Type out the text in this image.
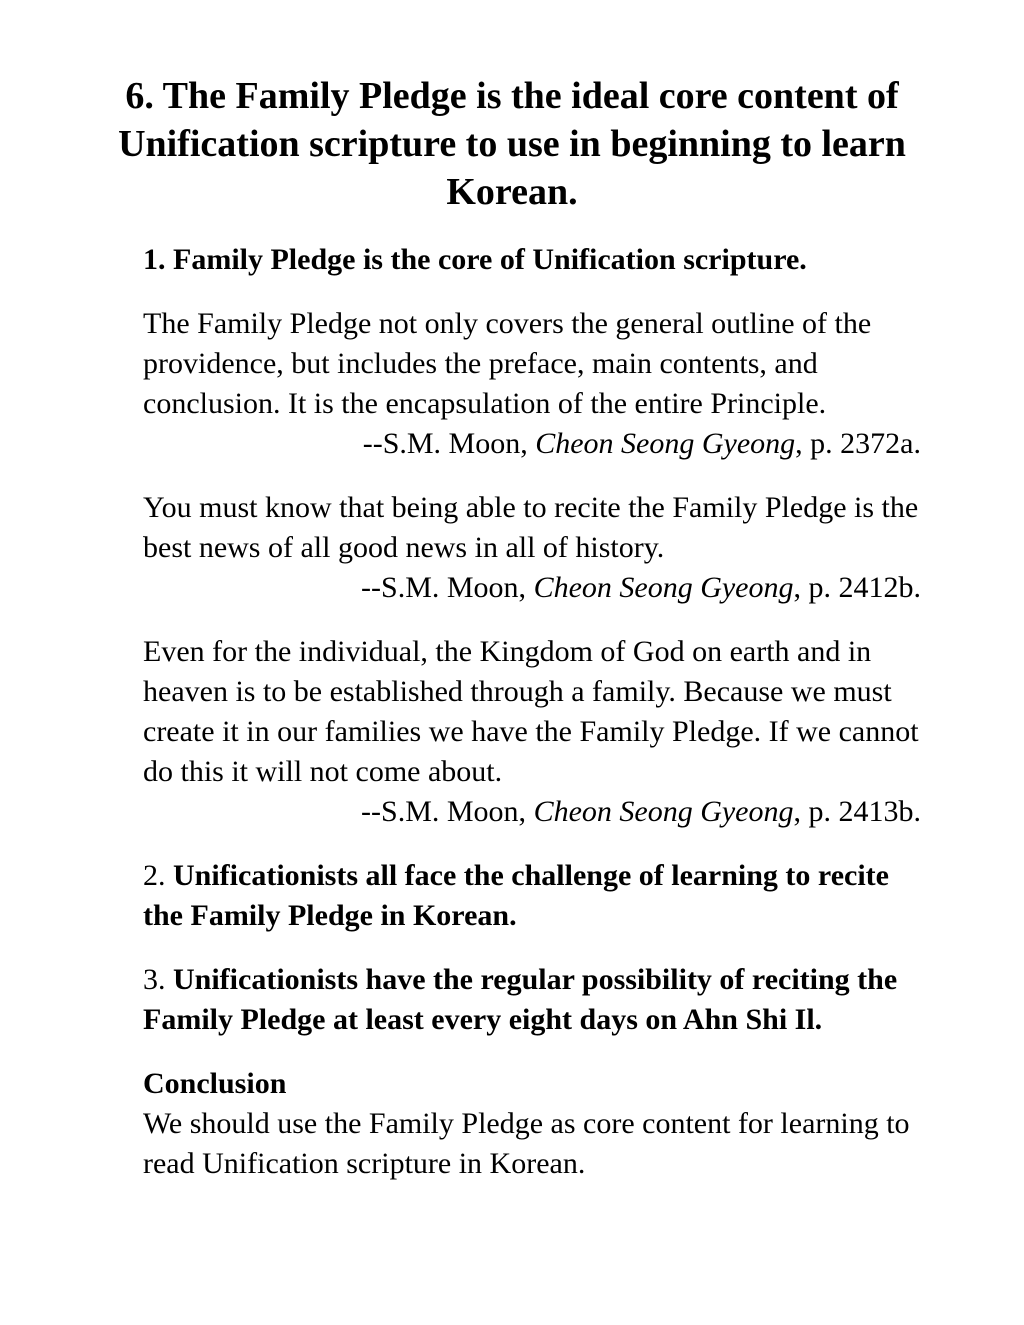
6. The Family Pledge is the ideal core content of Unification scripture to use in beginning to learn Korean.

1. Family Pledge is the core of Unification scripture.

The Family Pledge not only covers the general outline of the providence, but includes the preface, main contents, and conclusion. It is the encapsulation of the entire Principle.

--S.M. Moon, Cheon Seong Gyeong, p. 2372a.

You must know that being able to recite the Family Pledge is the best news of all good news in all of history.

--S.M. Moon, Cheon Seong Gyeong, p. 2412b.

Even for the individual, the Kingdom of God on earth and in heaven is to be established through a family. Because we must create it in our families we have the Family Pledge. If we cannot do this it will not come about.

--S.M. Moon, Cheon Seong Gyeong, p. 2413b.

2. Unificationists all face the challenge of learning to recite the Family Pledge in Korean.

3. Unificationists have the regular possibility of reciting the Family Pledge at least every eight days on Ahn Shi Il.

Conclusion

We should use the Family Pledge as core content for learning to read Unification scripture in Korean.
